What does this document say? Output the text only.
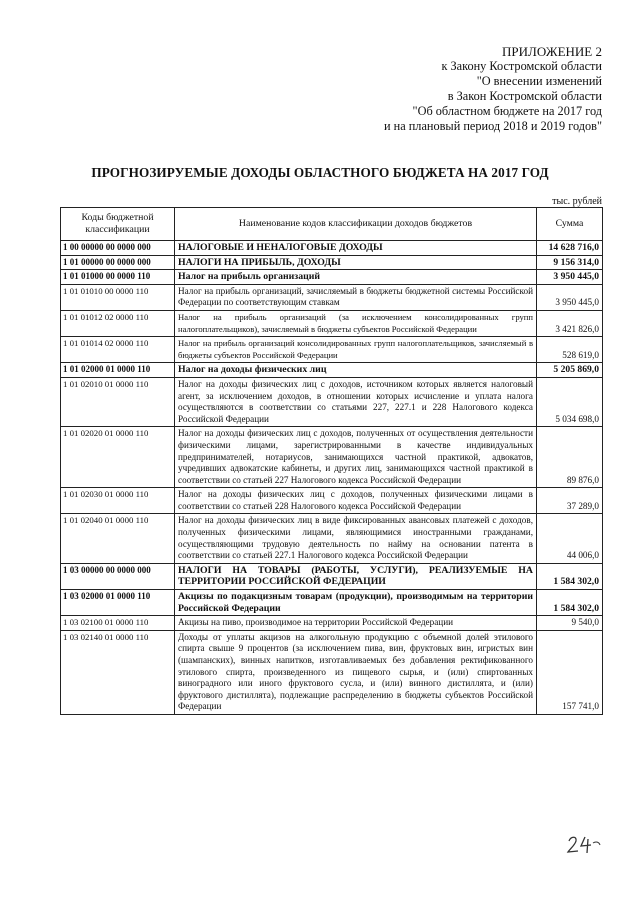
ПРИЛОЖЕНИЕ 2
к Закону Костромской области
"О внесении изменений
в Закон Костромской области
"Об областном бюджете на 2017 год
и на плановый период 2018 и 2019 годов"
ПРОГНОЗИРУЕМЫЕ ДОХОДЫ ОБЛАСТНОГО БЮДЖЕТА НА 2017 ГОД
тыс. рублей
Коды бюджетной классификации	Наименование кодов классификации доходов бюджетов	Сумма
1 00 00000 00 0000 000	НАЛОГОВЫЕ И НЕНАЛОГОВЫЕ ДОХОДЫ	14 628 716,0
1 01 00000 00 0000 000	НАЛОГИ НА ПРИБЫЛЬ, ДОХОДЫ	9 156 314,0
1 01 01000 00 0000 110	Налог на прибыль организаций	3 950 445,0
1 01 01010 00 0000 110	Налог на прибыль организаций, зачисляемый в бюджеты бюджетной системы Российской Федерации по соответствующим ставкам	3 950 445,0
1 01 01012 02 0000 110	Налог на прибыль организаций (за исключением консолидированных групп налогоплательщиков), зачисляемый в бюджеты субъектов Российской Федерации	3 421 826,0
1 01 01014 02 0000 110	Налог на прибыль организаций консолидированных групп налогоплательщиков, зачисляемый в бюджеты субъектов Российской Федерации	528 619,0
1 01 02000 01 0000 110	Налог на доходы физических лиц	5 205 869,0
1 01 02010 01 0000 110	Налог на доходы физических лиц с доходов, источником которых является налоговый агент, за исключением доходов, в отношении которых исчисление и уплата налога осуществляются в соответствии со статьями 227, 227.1 и 228 Налогового кодекса Российской Федерации	5 034 698,0
1 01 02020 01 0000 110	Налог на доходы физических лиц с доходов, полученных от осуществления деятельности физическими лицами, зарегистрированными в качестве индивидуальных предпринимателей, нотариусов, занимающихся частной практикой, адвокатов, учредивших адвокатские кабинеты, и других лиц, занимающихся частной практикой в соответствии со статьей 227 Налогового кодекса Российской Федерации	89 876,0
1 01 02030 01 0000 110	Налог на доходы физических лиц с доходов, полученных физическими лицами в соответствии со статьей 228 Налогового кодекса Российской Федерации	37 289,0
1 01 02040 01 0000 110	Налог на доходы физических лиц в виде фиксированных авансовых платежей с доходов, полученных физическими лицами, являющимися иностранными гражданами, осуществляющими трудовую деятельность по найму на основании патента в соответствии со статьей 227.1 Налогового кодекса Российской Федерации	44 006,0
1 03 00000 00 0000 000	НАЛОГИ НА ТОВАРЫ (РАБОТЫ, УСЛУГИ), РЕАЛИЗУЕМЫЕ НА ТЕРРИТОРИИ РОССИЙСКОЙ ФЕДЕРАЦИИ	1 584 302,0
1 03 02000 01 0000 110	Акцизы по подакцизным товарам (продукции), производимым на территории Российской Федерации	1 584 302,0
1 03 02100 01 0000 110	Акцизы на пиво, производимое на территории Российской Федерации	9 540,0
1 03 02140 01 0000 110	Доходы от уплаты акцизов на алкогольную продукцию с объемной долей этилового спирта свыше 9 процентов (за исключением пива, вин, фруктовых вин, игристых вин (шампанских), винных напитков, изготавливаемых без добавления ректификованного этилового спирта, произведенного из пищевого сырья, и (или) спиртованных виноградного или иного фруктового сусла, и (или) винного дистиллята, и (или) фруктового дистиллята), подлежащие распределению в бюджеты субъектов Российской Федерации	157 741,0
